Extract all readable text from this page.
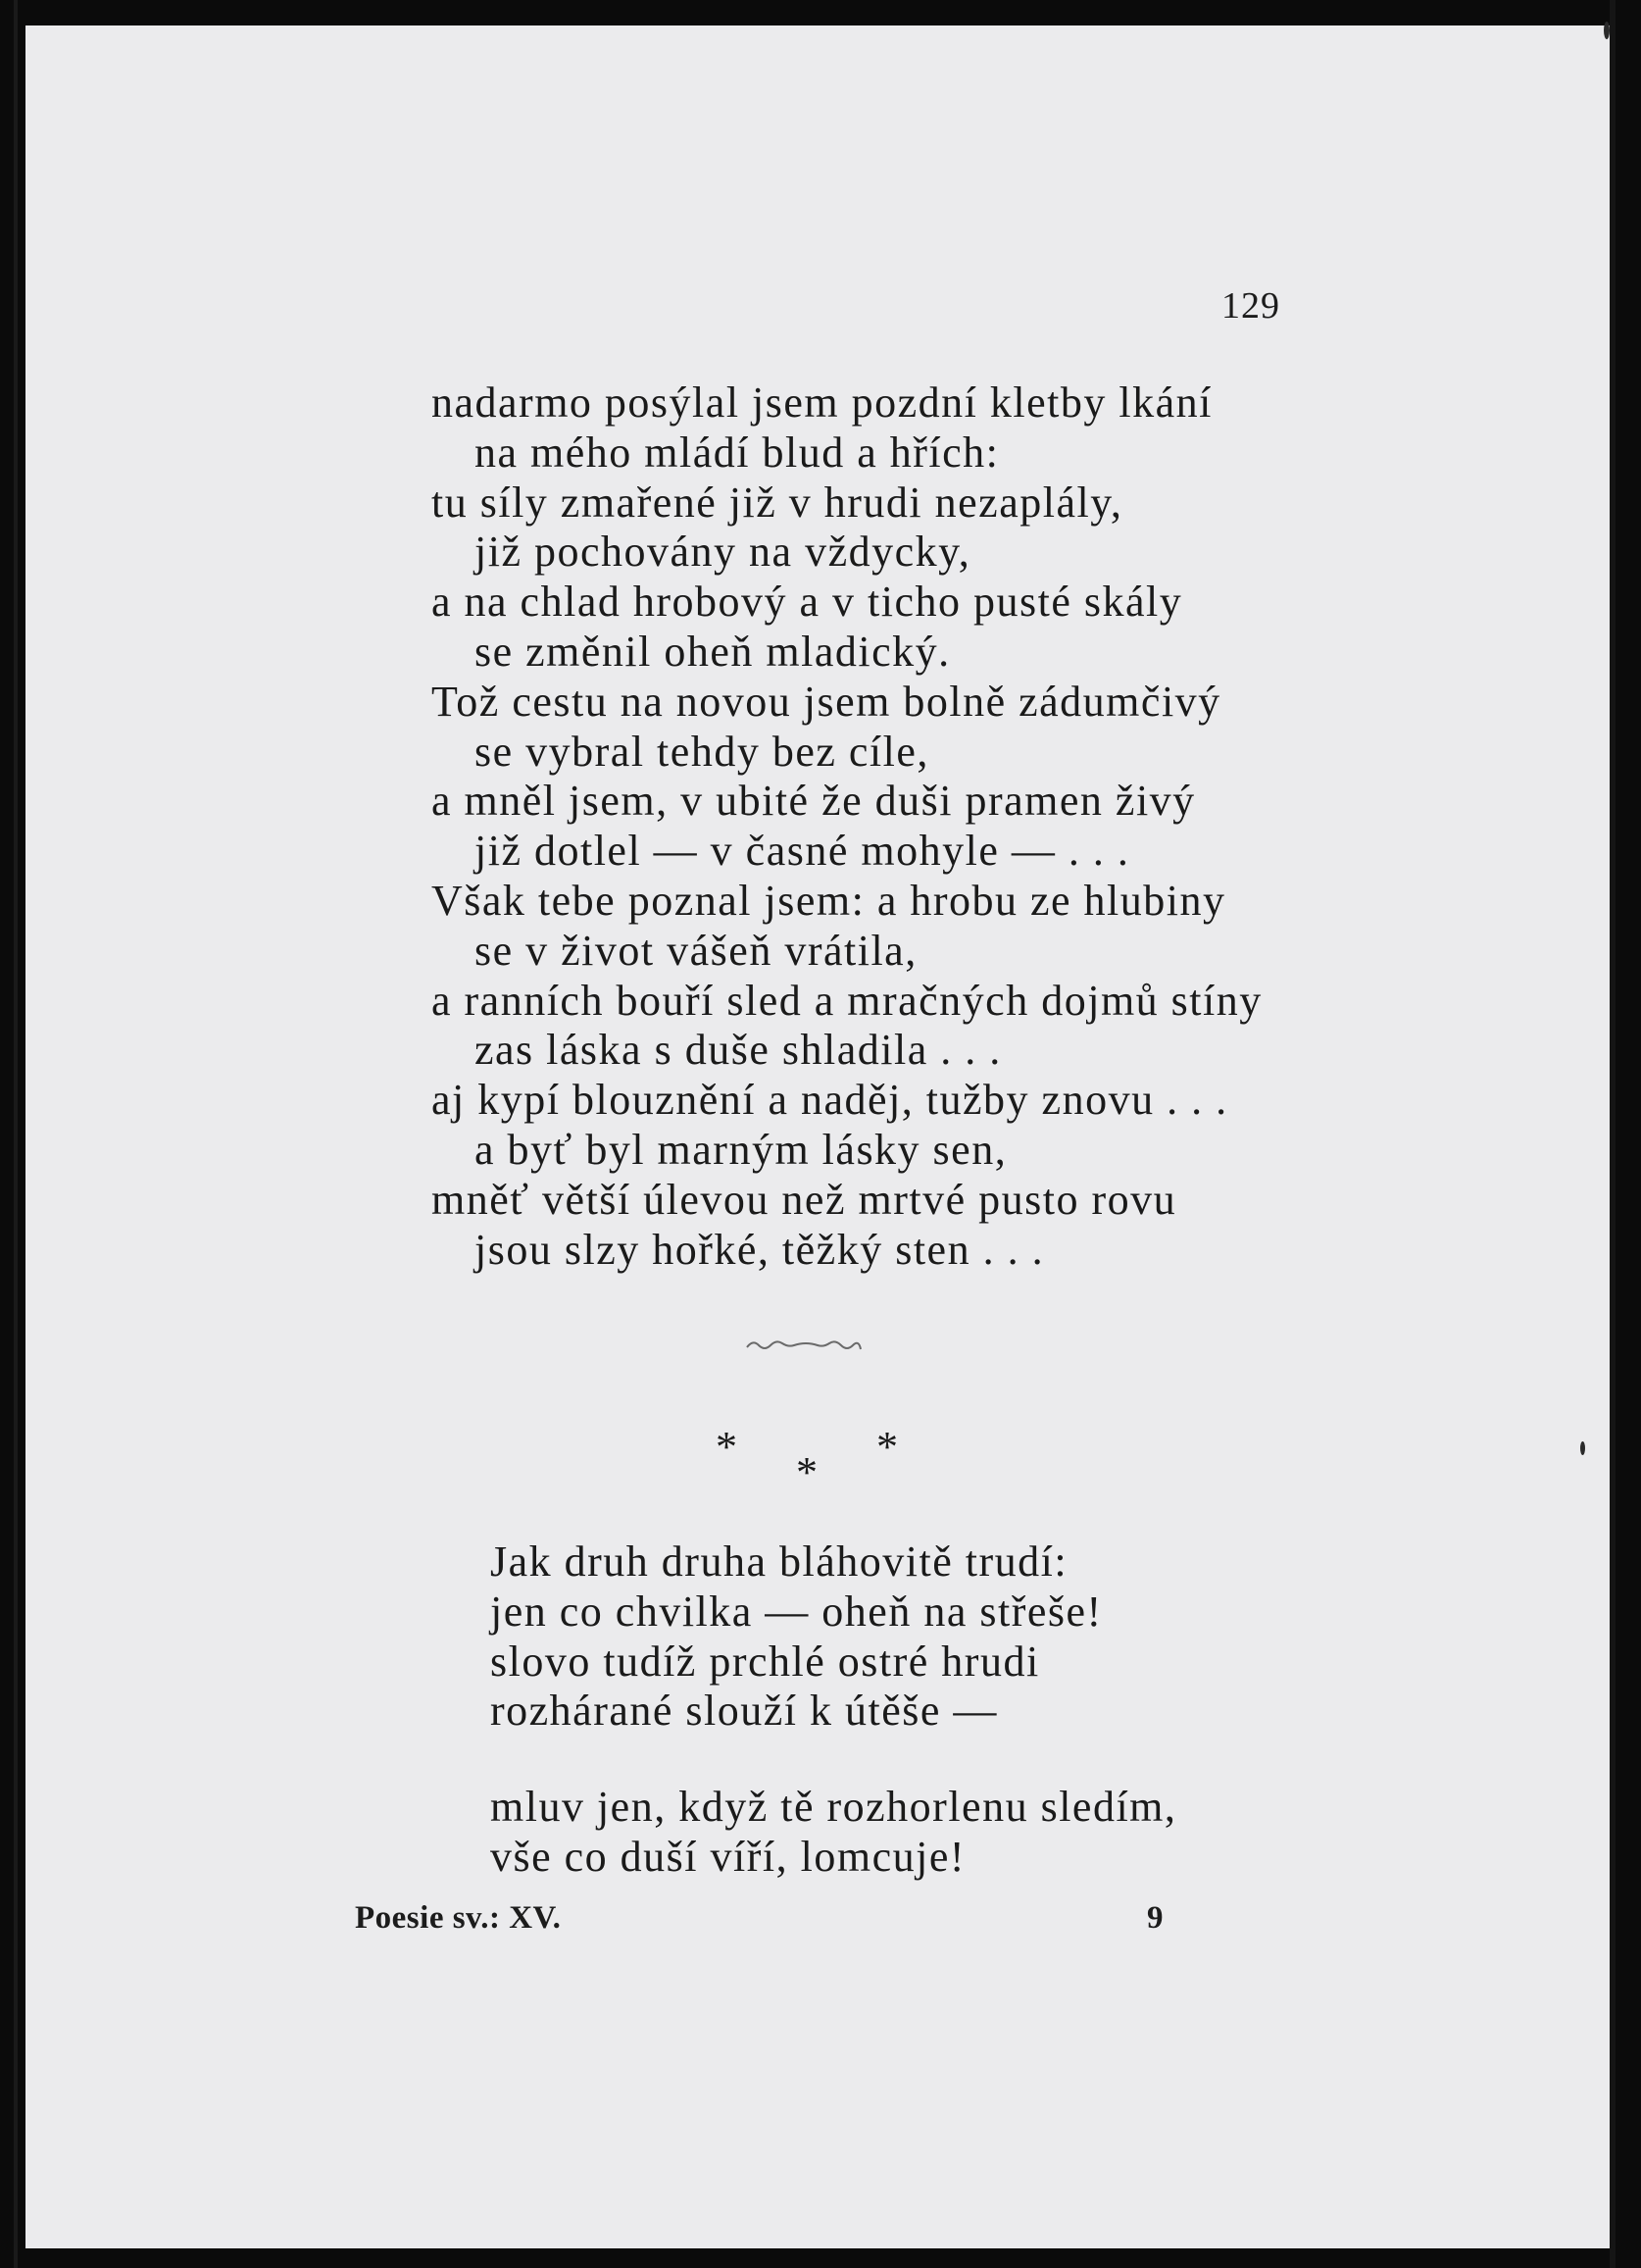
129
nadarmo posýlal jsem pozdní kletby lkání
na mého mládí blud a hřích:
tu síly zmařené již v hrudi nezaplály,
již pochovány na vždycky,
a na chlad hrobový a v ticho pusté skály
se změnil oheň mladický.
Tož cestu na novou jsem bolně zádumčivý
se vybral tehdy bez cíle,
a mněl jsem, v ubité že duši pramen živý
již dotlel — v časné mohyle — . . .
Však tebe poznal jsem: a hrobu ze hlubiny
se v život vášeň vrátila,
a ranních bouří sled a mračných dojmů stíny
zas láska s duše shladila . . .
aj kypí blouznění a naděj, tužby znovu . . .
a byť byl marným lásky sen,
mněť větší úlevou než mrtvé pusto rovu
jsou slzy hořké, těžký sten . . .
*
*
*
Jak druh druha bláhovitě trudí:
jen co chvilka — oheň na střeše!
slovo tudíž prchlé ostré hrudi
rozhárané slouží k útěše —
mluv jen, když tě rozhorlenu sledím,
vše co duší víří, lomcuje!
Poesie sv.: XV.	9
